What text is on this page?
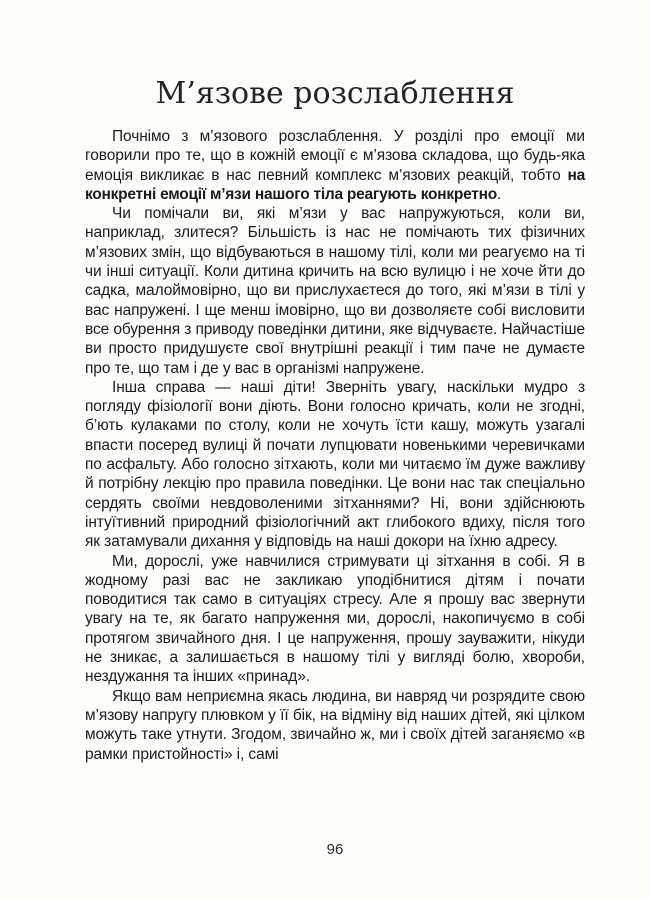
М’язове розслаблення

Почнімо з м’язового розслаблення. У розділі про емоції ми говорили про те, що в кожній емоції є м’язова складова, що будь-яка емоція викликає в нас певний комплекс м’язових реакцій, тобто на конкретні емоції м’язи нашого тіла реагують конкретно.

Чи помічали ви, які м’язи у вас напружуються, коли ви, наприклад, злитеся? Більшість із нас не помічають тих фізичних м’язових змін, що відбуваються в нашому тілі, коли ми реагуємо на ті чи інші ситуації. Коли дитина кричить на всю вулицю і не хоче йти до садка, малоймовірно, що ви прислухаєтеся до того, які м’язи в тілі у вас напружені. І ще менш імовірно, що ви дозволяєте собі висловити все обурення з приводу поведінки дитини, яке відчуваєте. Найчастіше ви просто придушуєте свої внутрішні реакції і тим паче не думаєте про те, що там і де у вас в організмі напружене.

Інша справа — наші діти! Зверніть увагу, наскільки мудро з погляду фізіології вони діють. Вони голосно кричать, коли не згодні, б’ють кулаками по столу, коли не хочуть їсти кашу, можуть узагалі впасти посеред вулиці й почати лупцювати новенькими черевичками по асфальту. Або голосно зітхають, коли ми читаємо їм дуже важливу й потрібну лекцію про правила поведінки. Це вони нас так спеціально сердять своїми невдоволеними зітханнями? Ні, вони здійснюють інтуїтивний природний фізіологічний акт глибокого вдиху, після того як затамували дихання у відповідь на наші докори на їхню адресу.

Ми, дорослі, уже навчилися стримувати ці зітхання в собі. Я в жодному разі вас не закликаю уподібнитися дітям і почати поводитися так само в ситуаціях стресу. Але я прошу вас звернути увагу на те, як багато напруження ми, дорослі, накопичуємо в собі протягом звичайного дня. І це напруження, прошу зауважити, нікуди не зникає, а залишається в нашому тілі у вигляді болю, хвороби, нездужання та інших «принад».

Якщо вам неприємна якась людина, ви навряд чи розрядите свою м’язову напругу плювком у її бік, на відміну від наших дітей, які цілком можуть таке утнути. Згодом, звичайно ж, ми і своїх дітей заганяємо «в рамки пристойності» і, самі

96
